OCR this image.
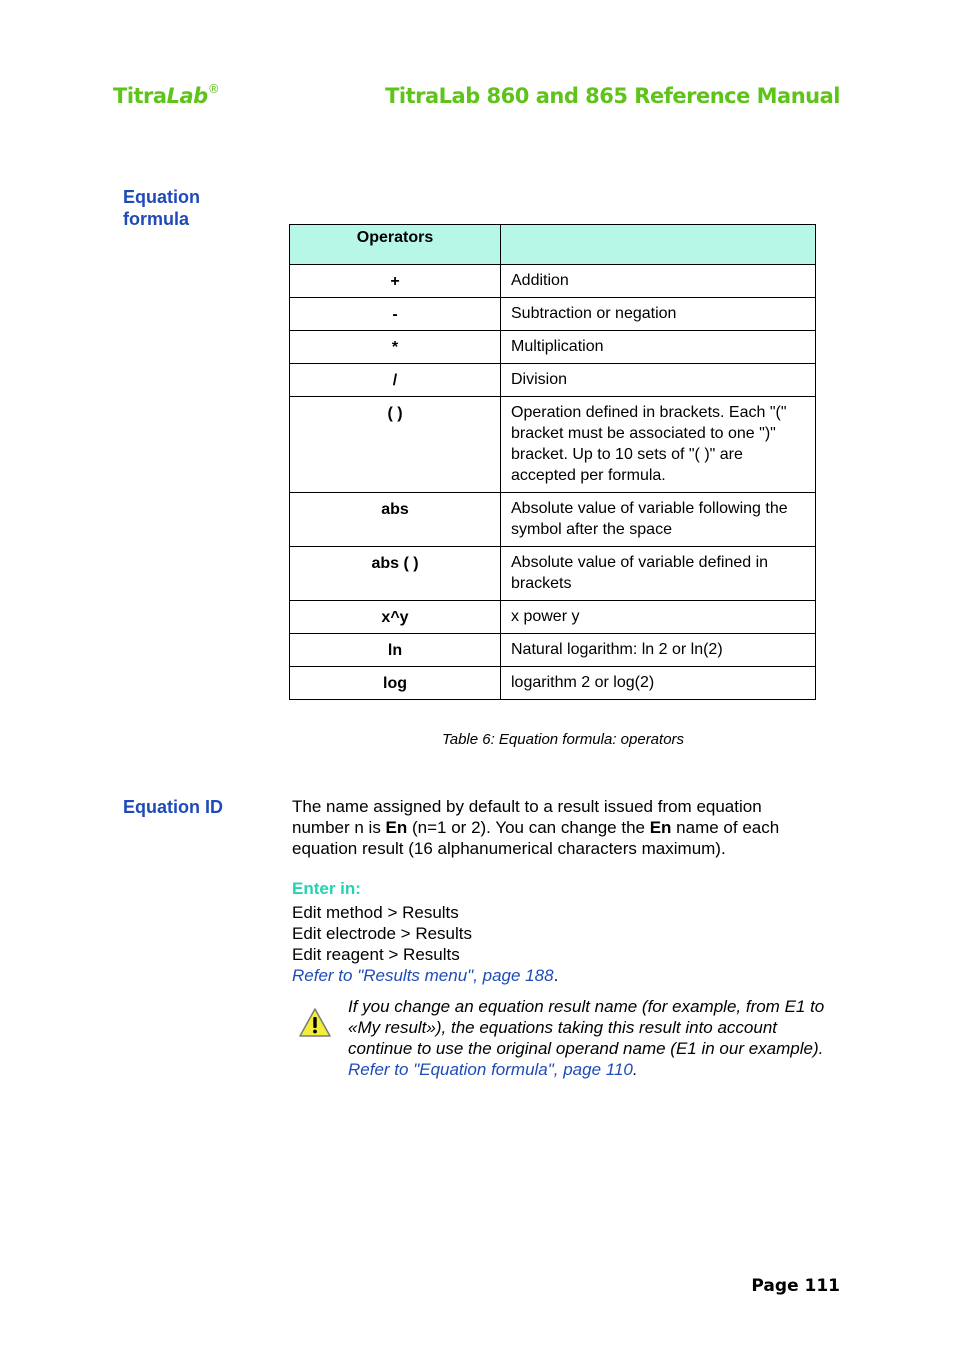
TitraLab®	TitraLab 860 and 865 Reference Manual
Equation
formula
Operators	
+	Addition
-	Subtraction or negation
*	Multiplication
/	Division
( )	Operation defined in brackets. Each "(" bracket must be associated to one ")" bracket. Up to 10 sets of "( )" are accepted per formula.
abs	Absolute value of variable following the symbol after the space
abs ( )	Absolute value of variable defined in brackets
x^y	x power y
ln	Natural logarithm: ln 2 or ln(2)
log	logarithm 2 or log(2)
Table 6: Equation formula: operators
Equation ID	The name assigned by default to a result issued from equation number n is En (n=1 or 2). You can change the En name of each equation result (16 alphanumerical characters maximum).
Enter in:
Edit method > Results
Edit electrode > Results
Edit reagent > Results
Refer to "Results menu", page 188.
If you change an equation result name (for example, from E1 to «My result»), the equations taking this result into account continue to use the original operand name (E1 in our example). Refer to "Equation formula", page 110.
Page 111
